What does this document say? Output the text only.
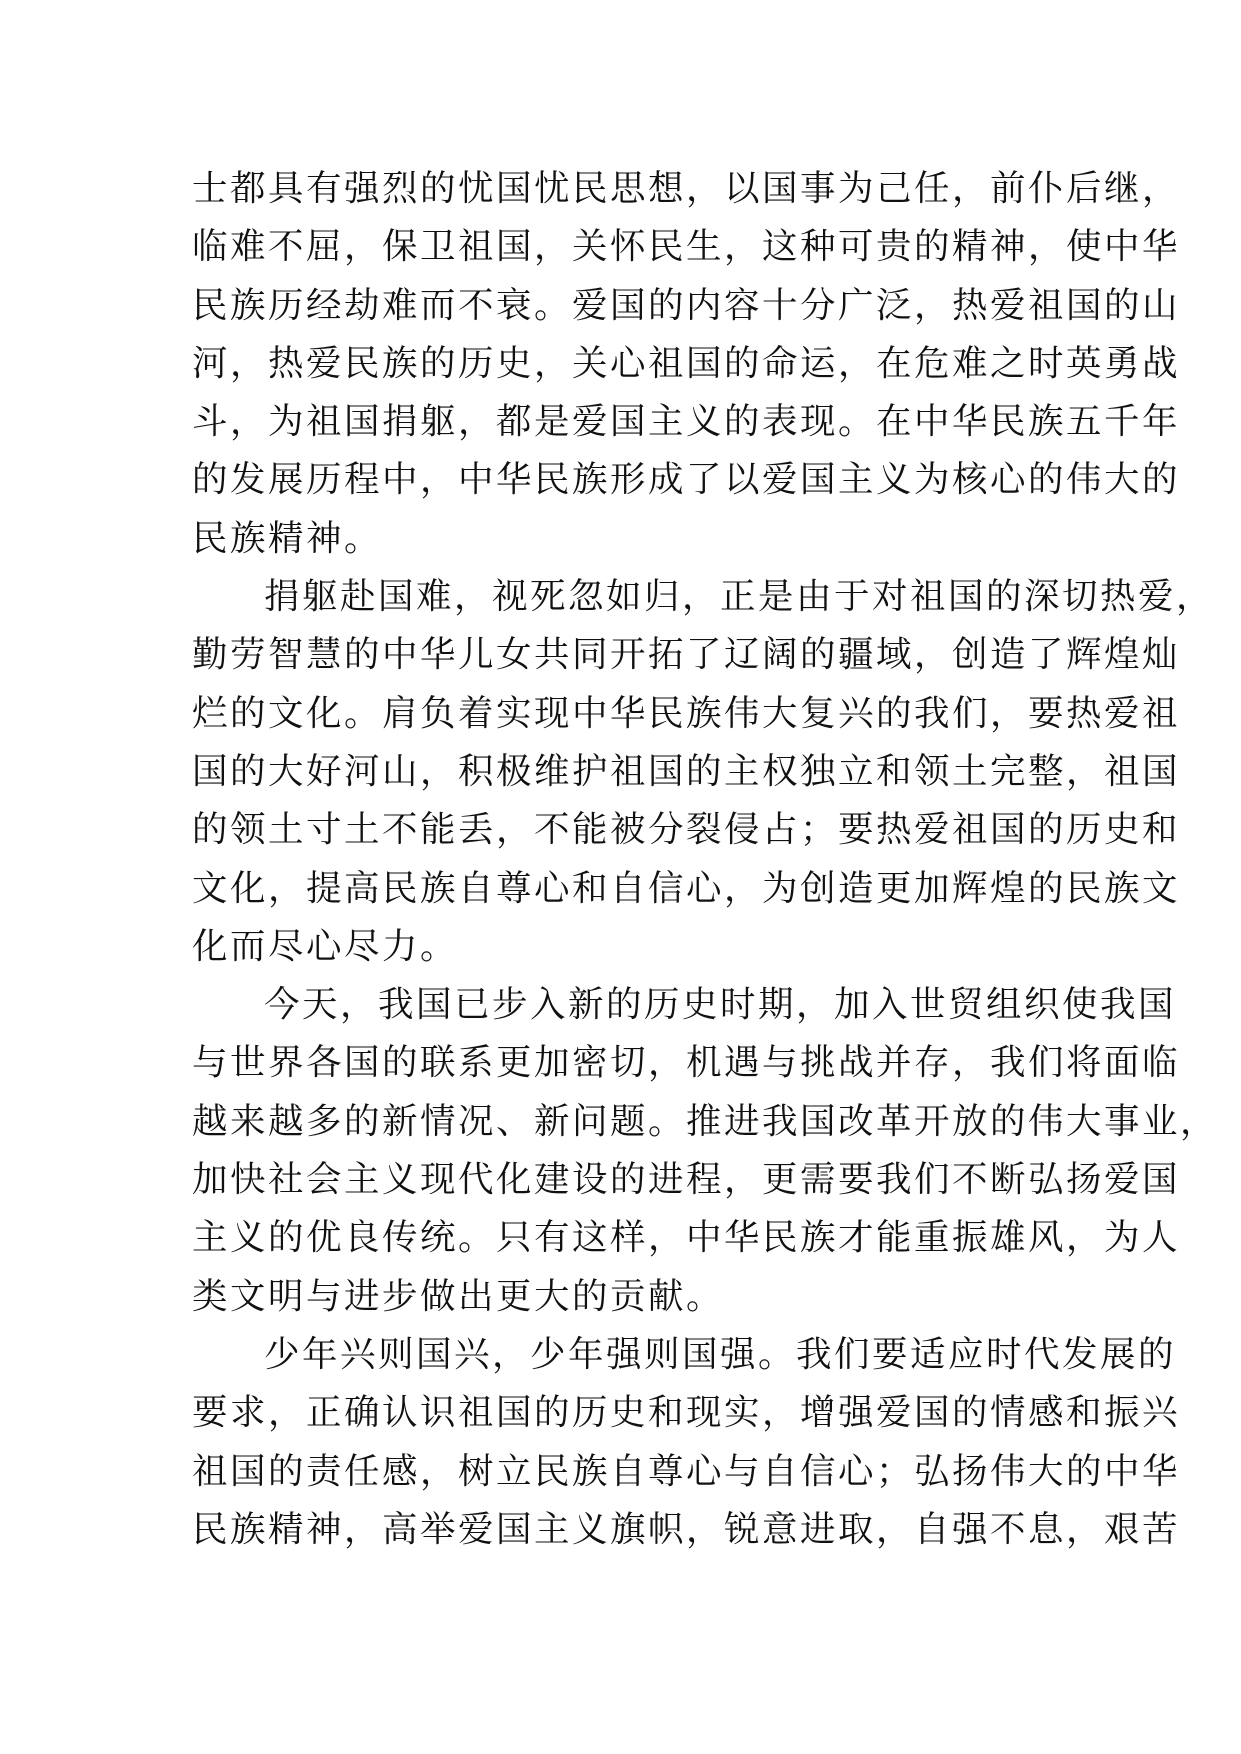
士都具有强烈的忧国忧民思想，以国事为己任，前仆后继，
临难不屈，保卫祖国，关怀民生，这种可贵的精神，使中华
民族历经劫难而不衰。爱国的内容十分广泛，热爱祖国的山
河，热爱民族的历史，关心祖国的命运，在危难之时英勇战
斗，为祖国捐躯，都是爱国主义的表现。在中华民族五千年
的发展历程中，中华民族形成了以爱国主义为核心的伟大的
民族精神。
捐躯赴国难，视死忽如归，正是由于对祖国的深切热爱，
勤劳智慧的中华儿女共同开拓了辽阔的疆域，创造了辉煌灿
烂的文化。肩负着实现中华民族伟大复兴的我们，要热爱祖
国的大好河山，积极维护祖国的主权独立和领土完整，祖国
的领土寸土不能丢，不能被分裂侵占；要热爱祖国的历史和
文化，提高民族自尊心和自信心，为创造更加辉煌的民族文
化而尽心尽力。
今天，我国已步入新的历史时期，加入世贸组织使我国
与世界各国的联系更加密切，机遇与挑战并存，我们将面临
越来越多的新情况、新问题。推进我国改革开放的伟大事业，
加快社会主义现代化建设的进程，更需要我们不断弘扬爱国
主义的优良传统。只有这样，中华民族才能重振雄风，为人
类文明与进步做出更大的贡献。
少年兴则国兴，少年强则国强。我们要适应时代发展的
要求，正确认识祖国的历史和现实，增强爱国的情感和振兴
祖国的责任感，树立民族自尊心与自信心；弘扬伟大的中华
民族精神，高举爱国主义旗帜，锐意进取，自强不息，艰苦
